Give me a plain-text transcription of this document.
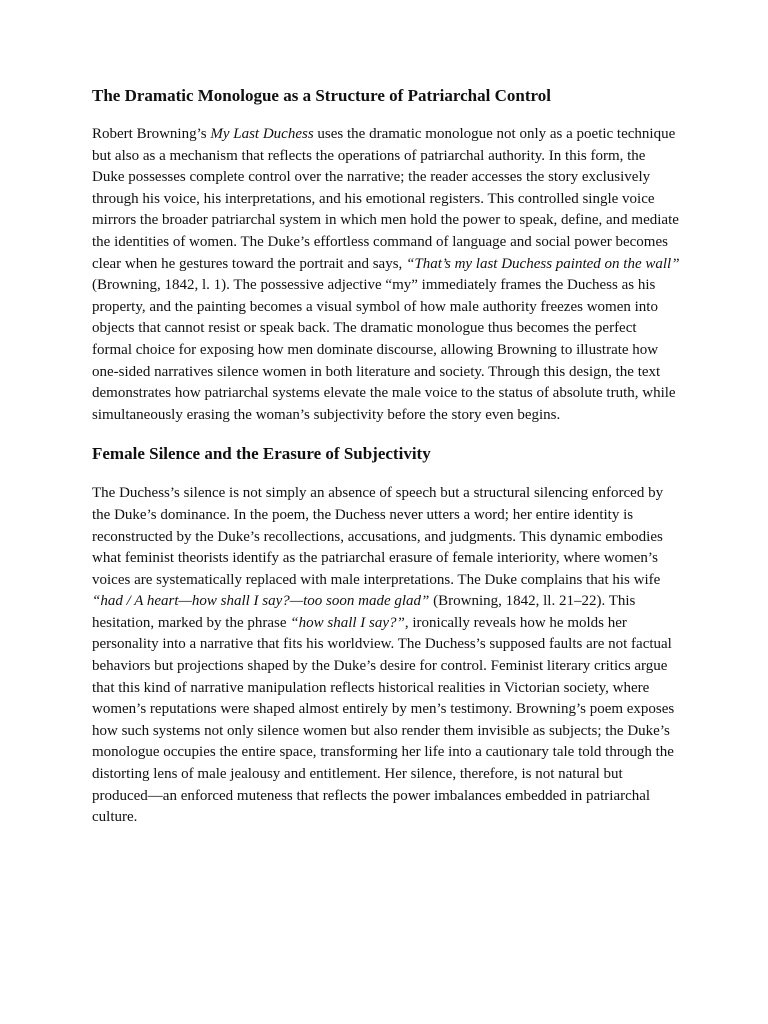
The Dramatic Monologue as a Structure of Patriarchal Control

Robert Browning’s My Last Duchess uses the dramatic monologue not only as a poetic technique but also as a mechanism that reflects the operations of patriarchal authority. In this form, the Duke possesses complete control over the narrative; the reader accesses the story exclusively through his voice, his interpretations, and his emotional registers. This controlled single voice mirrors the broader patriarchal system in which men hold the power to speak, define, and mediate the identities of women. The Duke’s effortless command of language and social power becomes clear when he gestures toward the portrait and says, “That’s my last Duchess painted on the wall” (Browning, 1842, l. 1). The possessive adjective “my” immediately frames the Duchess as his property, and the painting becomes a visual symbol of how male authority freezes women into objects that cannot resist or speak back. The dramatic monologue thus becomes the perfect formal choice for exposing how men dominate discourse, allowing Browning to illustrate how one-sided narratives silence women in both literature and society. Through this design, the text demonstrates how patriarchal systems elevate the male voice to the status of absolute truth, while simultaneously erasing the woman’s subjectivity before the story even begins.

Female Silence and the Erasure of Subjectivity

The Duchess’s silence is not simply an absence of speech but a structural silencing enforced by the Duke’s dominance. In the poem, the Duchess never utters a word; her entire identity is reconstructed by the Duke’s recollections, accusations, and judgments. This dynamic embodies what feminist theorists identify as the patriarchal erasure of female interiority, where women’s voices are systematically replaced with male interpretations. The Duke complains that his wife “had / A heart—how shall I say?—too soon made glad” (Browning, 1842, ll. 21–22). This hesitation, marked by the phrase “how shall I say?”, ironically reveals how he molds her personality into a narrative that fits his worldview. The Duchess’s supposed faults are not factual behaviors but projections shaped by the Duke’s desire for control. Feminist literary critics argue that this kind of narrative manipulation reflects historical realities in Victorian society, where women’s reputations were shaped almost entirely by men’s testimony. Browning’s poem exposes how such systems not only silence women but also render them invisible as subjects; the Duke’s monologue occupies the entire space, transforming her life into a cautionary tale told through the distorting lens of male jealousy and entitlement. Her silence, therefore, is not natural but produced—an enforced muteness that reflects the power imbalances embedded in patriarchal culture.
